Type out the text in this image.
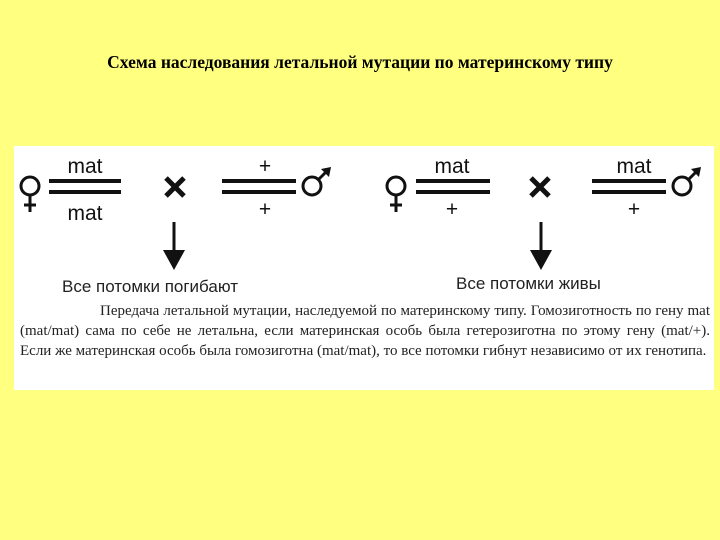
Схема наследования летальной мутации по материнскому типу
mat
mat
+
+
Все потомки погибают
mat
+
mat
+
Все потомки живы
Передача летальной мутации, наследуемой по материнскому типу. Гомозиготность по гену mat (mat/mat) сама по себе не летальна, если материнская особь была гетерозиготна по этому гену (mat/+). Если же материнская особь была гомозиготна (mat/mat), то все потомки гибнут независимо от их генотипа.
